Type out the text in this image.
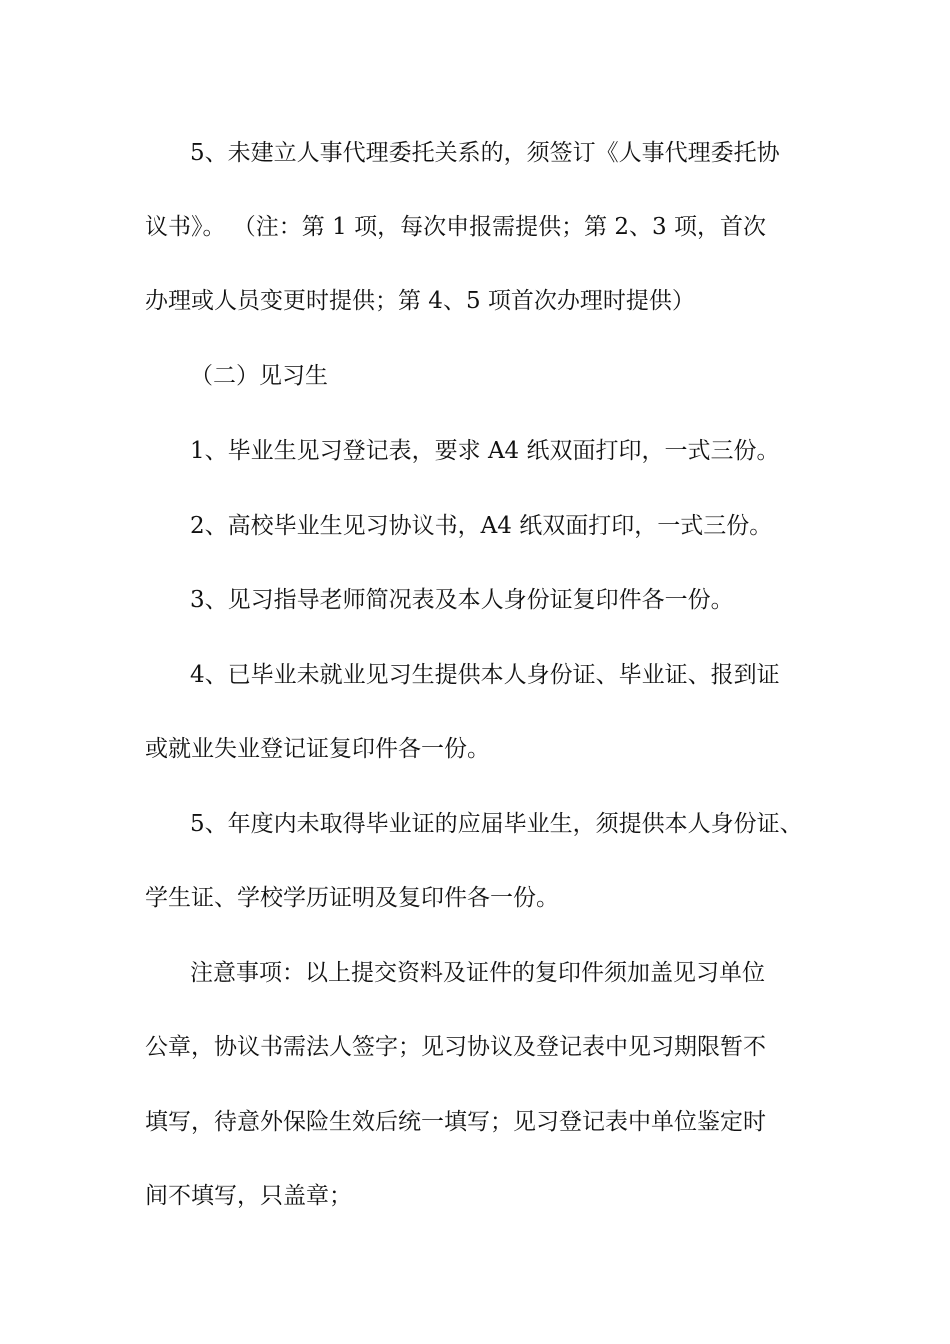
5、未建立人事代理委托关系的，须签订《人事代理委托协
议书》。 （注：第 1 项，每次申报需提供；第 2、3 项，首次
办理或人员变更时提供；第 4、5 项首次办理时提供）
（二）见习生
1、毕业生见习登记表，要求 A4 纸双面打印，一式三份。
2、高校毕业生见习协议书，A4 纸双面打印，一式三份。
3、见习指导老师简况表及本人身份证复印件各一份。
4、已毕业未就业见习生提供本人身份证、毕业证、报到证
或就业失业登记证复印件各一份。
5、年度内未取得毕业证的应届毕业生，须提供本人身份证、
学生证、学校学历证明及复印件各一份。
注意事项：以上提交资料及证件的复印件须加盖见习单位
公章，协议书需法人签字；见习协议及登记表中见习期限暂不
填写，待意外保险生效后统一填写；见习登记表中单位鉴定时
间不填写，只盖章；
